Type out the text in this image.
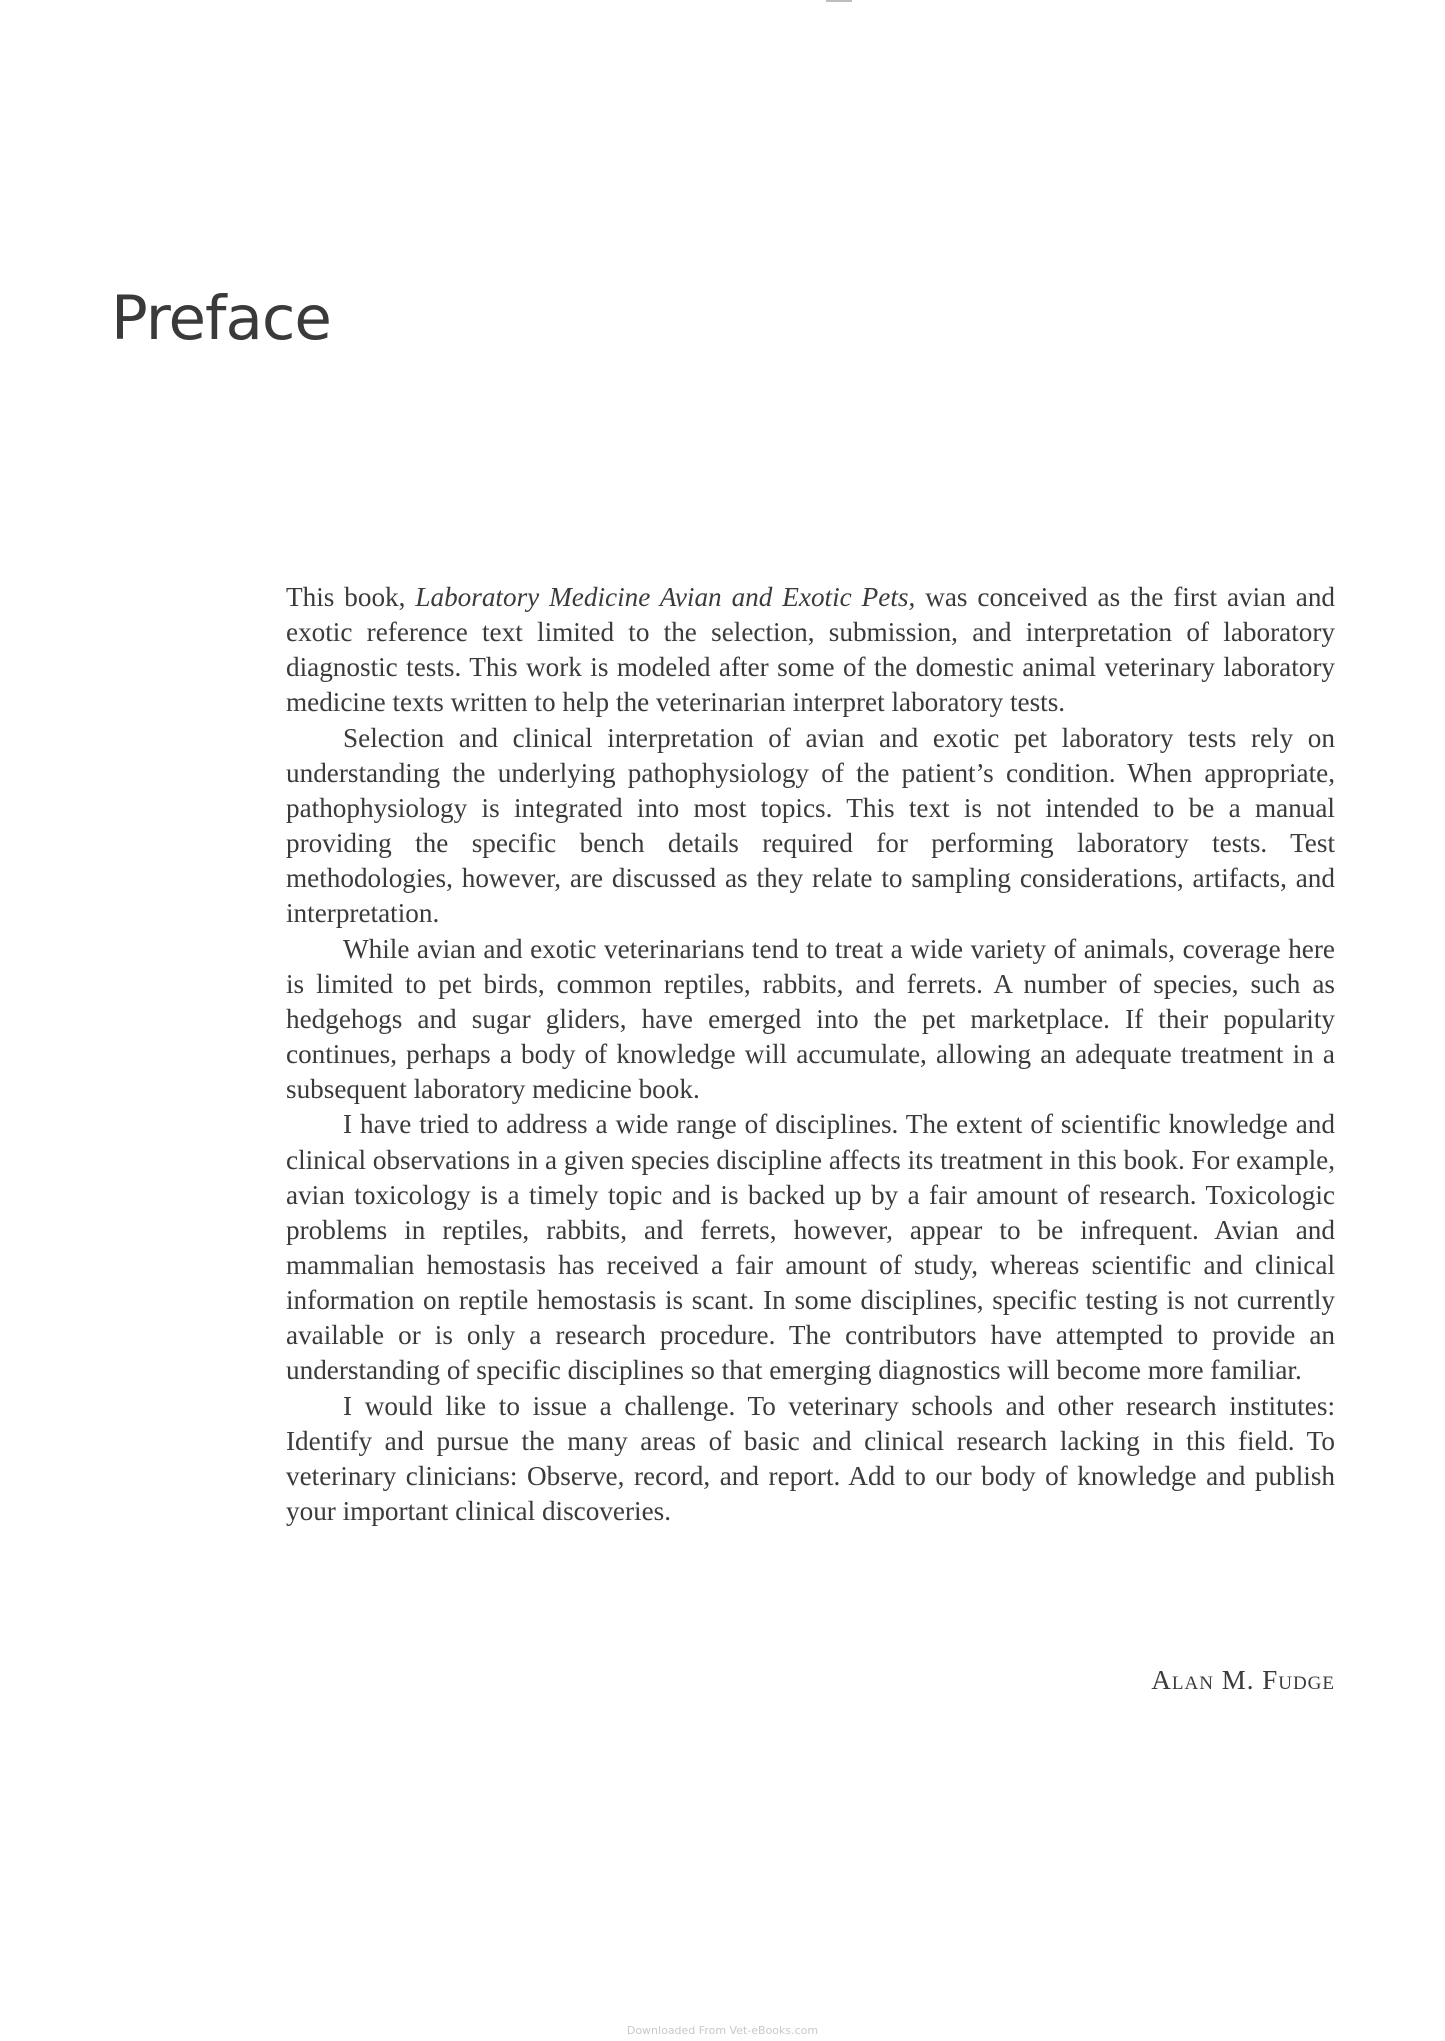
Preface

This book, Laboratory Medicine Avian and Exotic Pets, was conceived as the first avian and exotic reference text limited to the selection, submission, and interpretation of laboratory diagnostic tests. This work is modeled after some of the domestic animal veterinary laboratory medicine texts written to help the veterinarian interpret laboratory tests.

Selection and clinical interpretation of avian and exotic pet laboratory tests rely on understanding the underlying pathophysiology of the patient’s condition. When appropriate, pathophysiology is integrated into most topics. This text is not intended to be a manual providing the specific bench details required for performing laboratory tests. Test methodologies, however, are discussed as they relate to sampling considerations, artifacts, and interpretation.

While avian and exotic veterinarians tend to treat a wide variety of animals, coverage here is limited to pet birds, common reptiles, rabbits, and ferrets. A number of species, such as hedgehogs and sugar gliders, have emerged into the pet marketplace. If their popularity continues, perhaps a body of knowledge will accumulate, allowing an adequate treatment in a subsequent laboratory medicine book.

I have tried to address a wide range of disciplines. The extent of scientific knowledge and clinical observations in a given species discipline affects its treatment in this book. For example, avian toxicology is a timely topic and is backed up by a fair amount of research. Toxicologic problems in reptiles, rabbits, and ferrets, however, appear to be infrequent. Avian and mammalian hemostasis has received a fair amount of study, whereas scientific and clinical information on reptile hemostasis is scant. In some disciplines, specific testing is not currently available or is only a research procedure. The contributors have attempted to provide an understanding of specific disciplines so that emerging diagnostics will become more familiar.

I would like to issue a challenge. To veterinary schools and other research institutes: Identify and pursue the many areas of basic and clinical research lacking in this field. To veterinary clinicians: Observe, record, and report. Add to our body of knowledge and publish your important clinical discoveries.

Alan M. Fudge
Downloaded From Vet-eBooks.com
